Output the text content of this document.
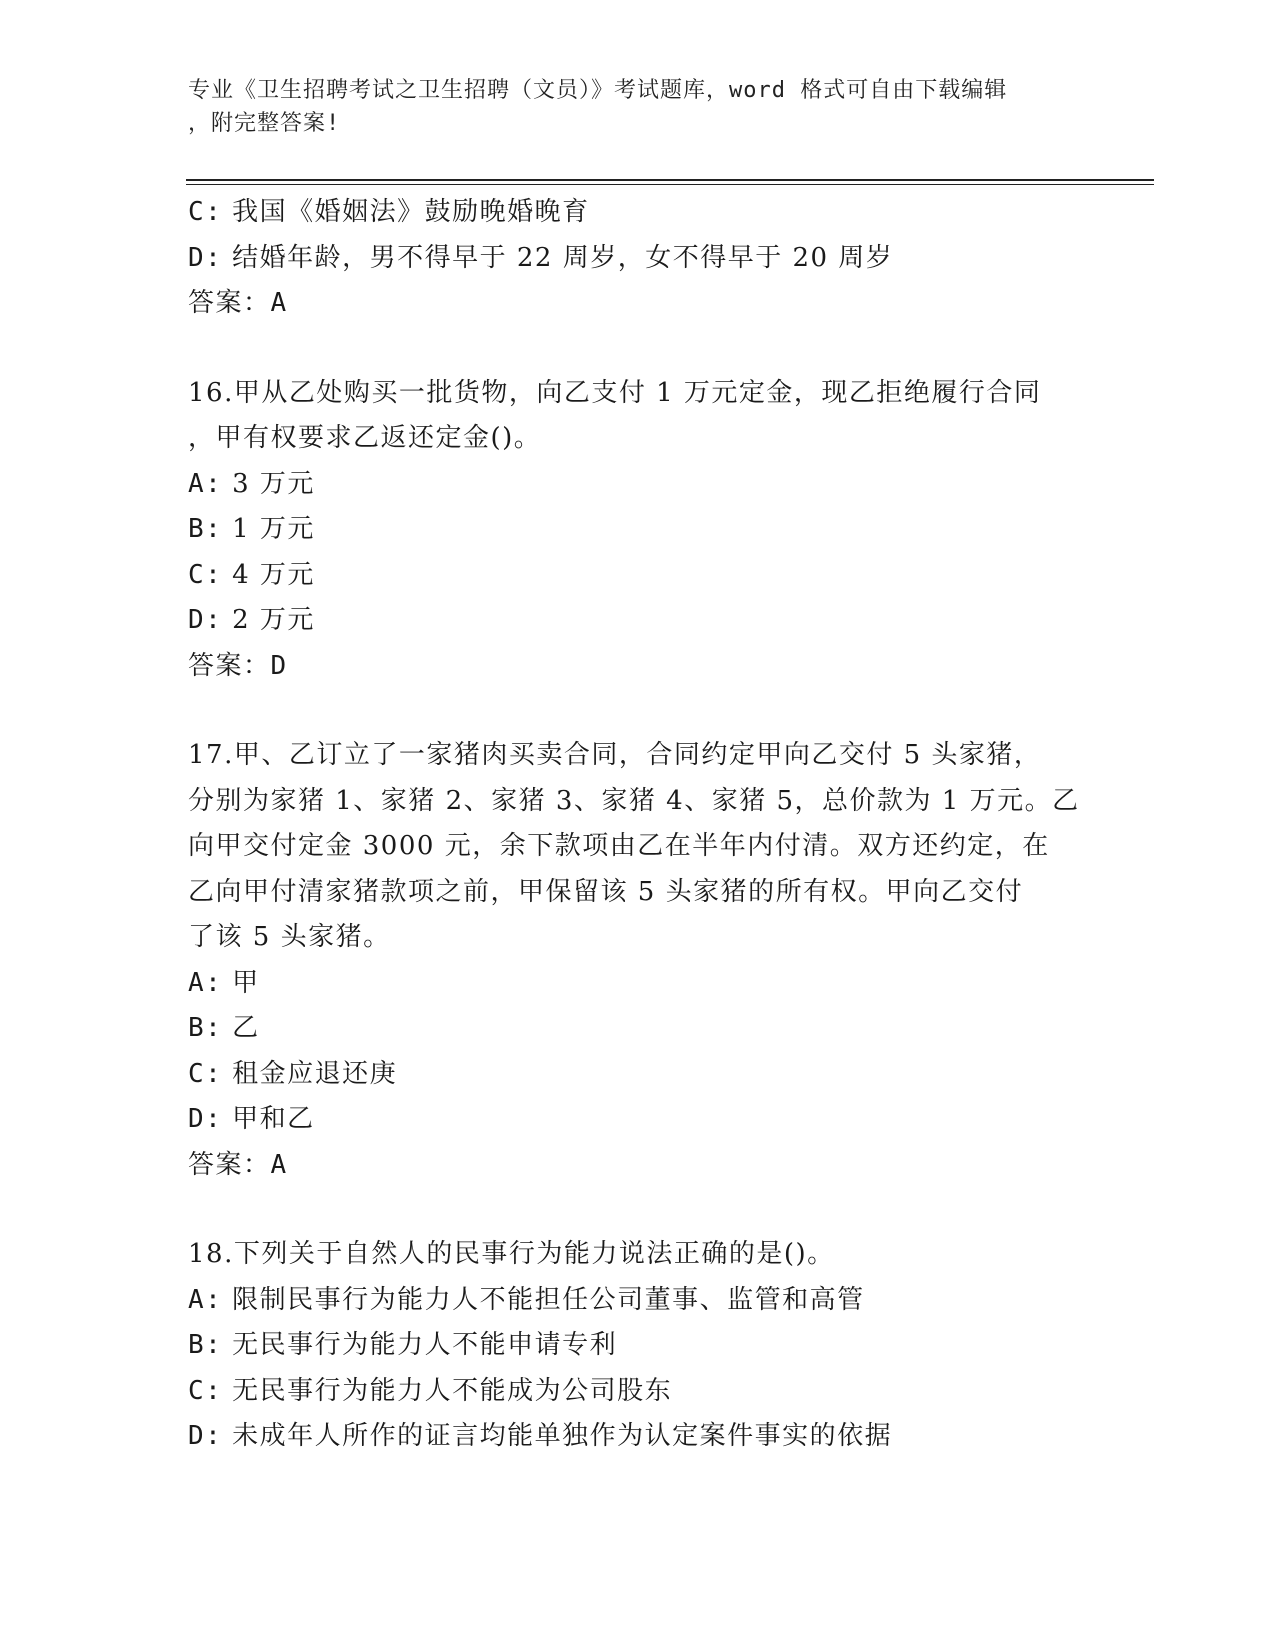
专业《卫生招聘考试之卫生招聘（文员）》考试题库，word 格式可自由下载编辑
，附完整答案!

C: 我国《婚姻法》鼓励晚婚晚育

D: 结婚年龄，男不得早于 22 周岁，女不得早于 20 周岁

答案：A

16.甲从乙处购买一批货物，向乙支付 1 万元定金，现乙拒绝履行合同

，甲有权要求乙返还定金()。

A: 3 万元

B: 1 万元

C: 4 万元

D: 2 万元

答案：D

17.甲、乙订立了一家猪肉买卖合同，合同约定甲向乙交付 5 头家猪，

分别为家猪 1、家猪 2、家猪 3、家猪 4、家猪 5，总价款为 1 万元。乙

向甲交付定金 3000 元，余下款项由乙在半年内付清。双方还约定，在

乙向甲付清家猪款项之前，甲保留该 5 头家猪的所有权。甲向乙交付

了该 5 头家猪。

A: 甲

B: 乙

C: 租金应退还庚

D: 甲和乙

答案：A

18.下列关于自然人的民事行为能力说法正确的是()。

A: 限制民事行为能力人不能担任公司董事、监管和高管

B: 无民事行为能力人不能申请专利

C: 无民事行为能力人不能成为公司股东

D: 未成年人所作的证言均能单独作为认定案件事实的依据
